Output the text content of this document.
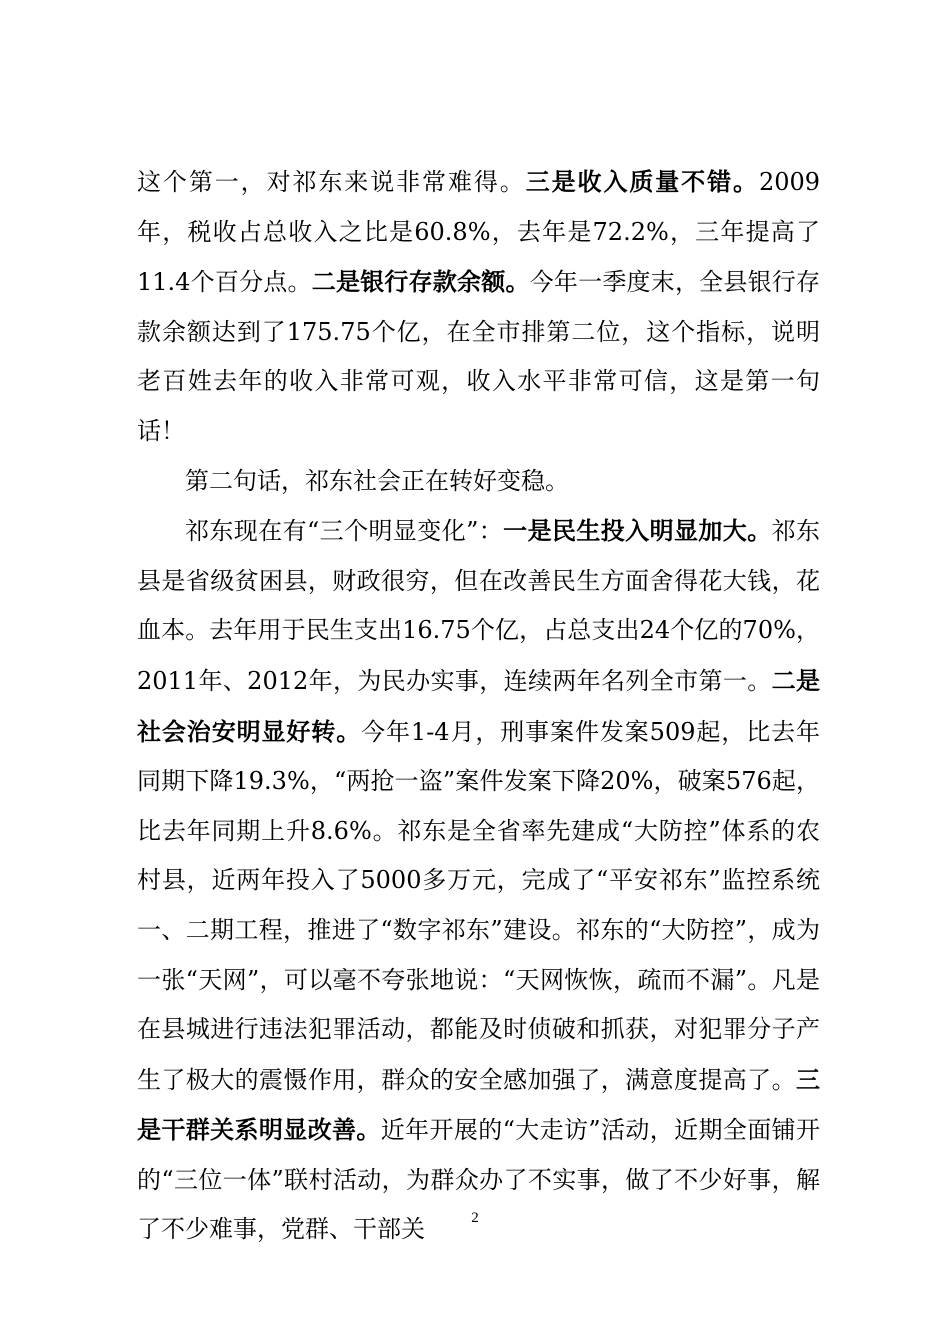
这个第一，对祁东来说非常难得。三是收入质量不错。2009年，税收占总收入之比是60.8%，去年是72.2%，三年提高了11.4个百分点。二是银行存款余额。今年一季度末，全县银行存款余额达到了175.75个亿，在全市排第二位，这个指标，说明老百姓去年的收入非常可观，收入水平非常可信，这是第一句话！

第二句话，祁东社会正在转好变稳。

祁东现在有“三个明显变化”：一是民生投入明显加大。祁东县是省级贫困县，财政很穷，但在改善民生方面舍得花大钱，花血本。去年用于民生支出16.75个亿，占总支出24个亿的70%，2011年、2012年，为民办实事，连续两年名列全市第一。二是社会治安明显好转。今年1-4月，刑事案件发案509起，比去年同期下降19.3%，“两抢一盗”案件发案下降20%，破案576起，比去年同期上升8.6%。祁东是全省率先建成“大防控”体系的农村县，近两年投入了5000多万元，完成了“平安祁东”监控系统一、二期工程，推进了“数字祁东”建设。祁东的“大防控”，成为一张“天网”，可以毫不夸张地说：“天网恢恢，疏而不漏”。凡是在县城进行违法犯罪活动，都能及时侦破和抓获，对犯罪分子产生了极大的震慑作用，群众的安全感加强了，满意度提高了。三是干群关系明显改善。近年开展的“大走访”活动，近期全面铺开的“三位一体”联村活动，为群众办了不实事，做了不少好事，解了不少难事，党群、干部关	2
